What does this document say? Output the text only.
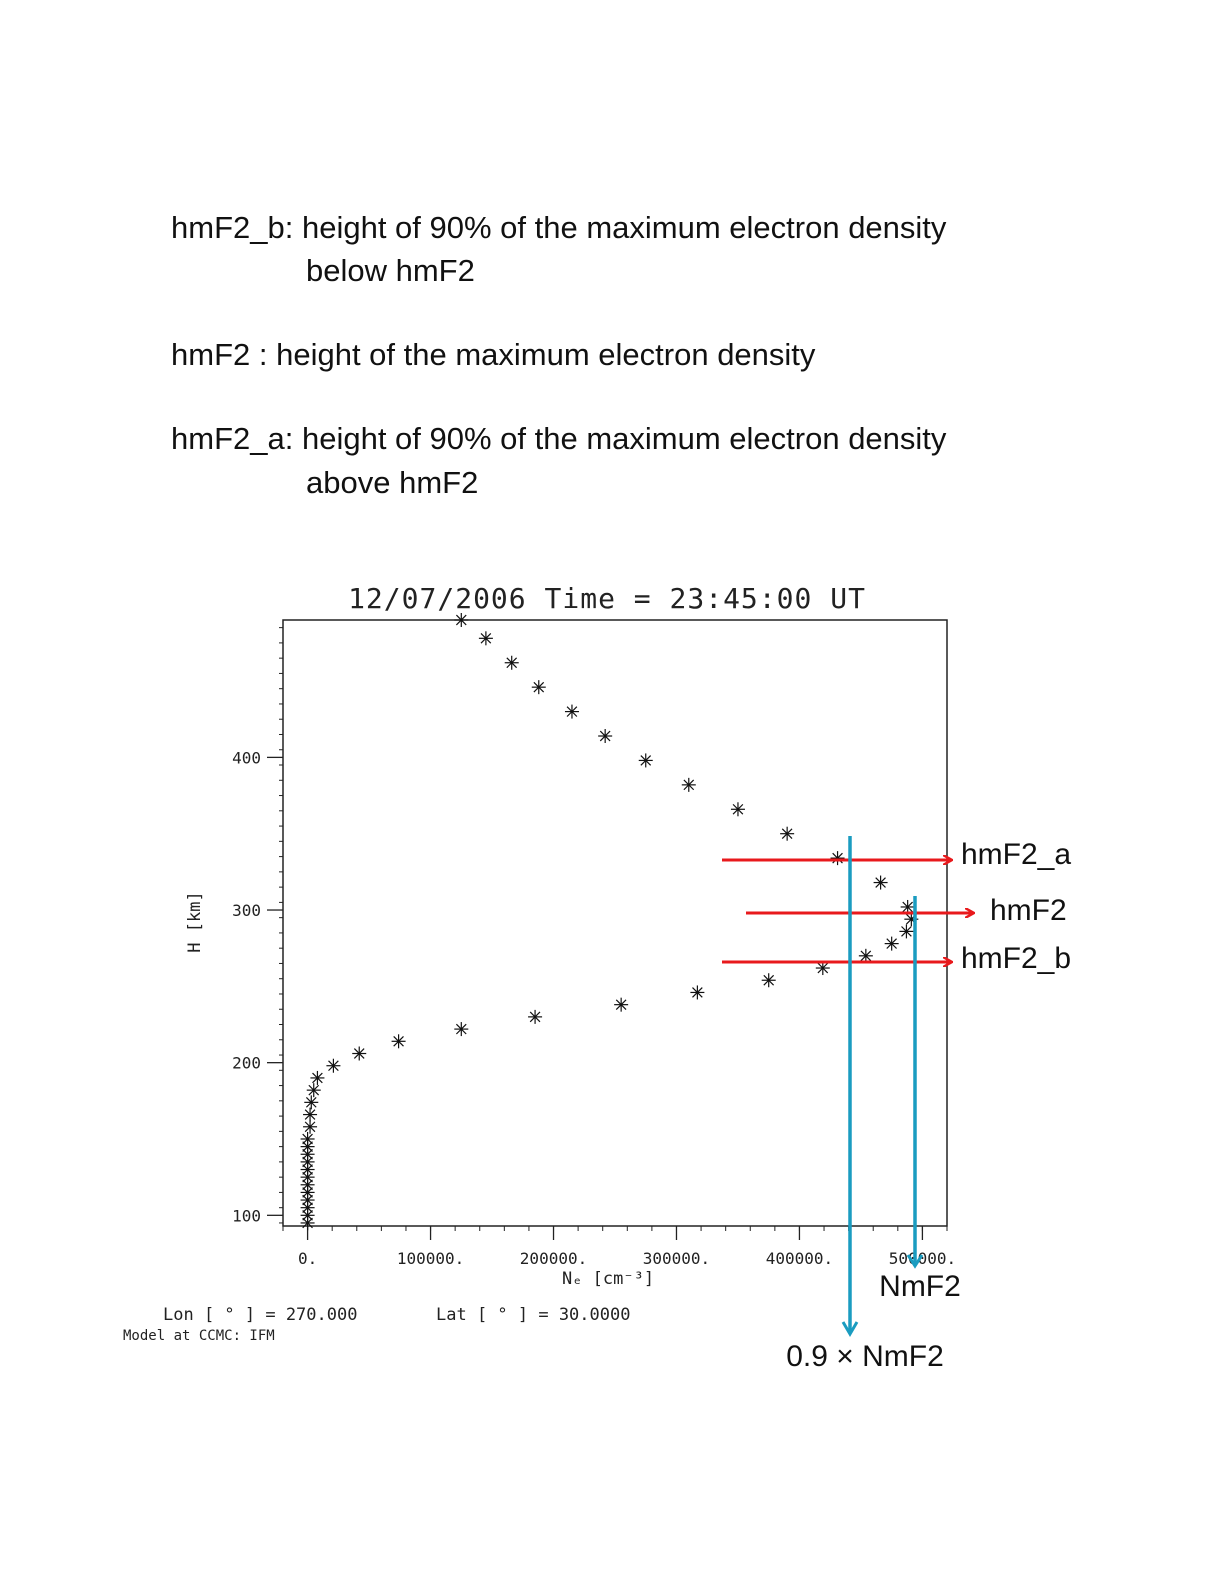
hmF2_b: height of 90% of the maximum electron density
below hmF2
hmF2 : height of the maximum electron density
hmF2_a: height of 90% of the maximum electron density
above hmF2
12/07/2006 Time = 23:45:00 UT
100
200
300
400
0.	100000.	200000.	300000.	400000.	500000.
H [km]
Nₑ [cm⁻³]
hmF2_a
hmF2
hmF2_b
NmF2
0.9 × NmF2
Lon [ ° ] = 270.000	Lat [ ° ] = 30.0000
Model at CCMC: IFM
